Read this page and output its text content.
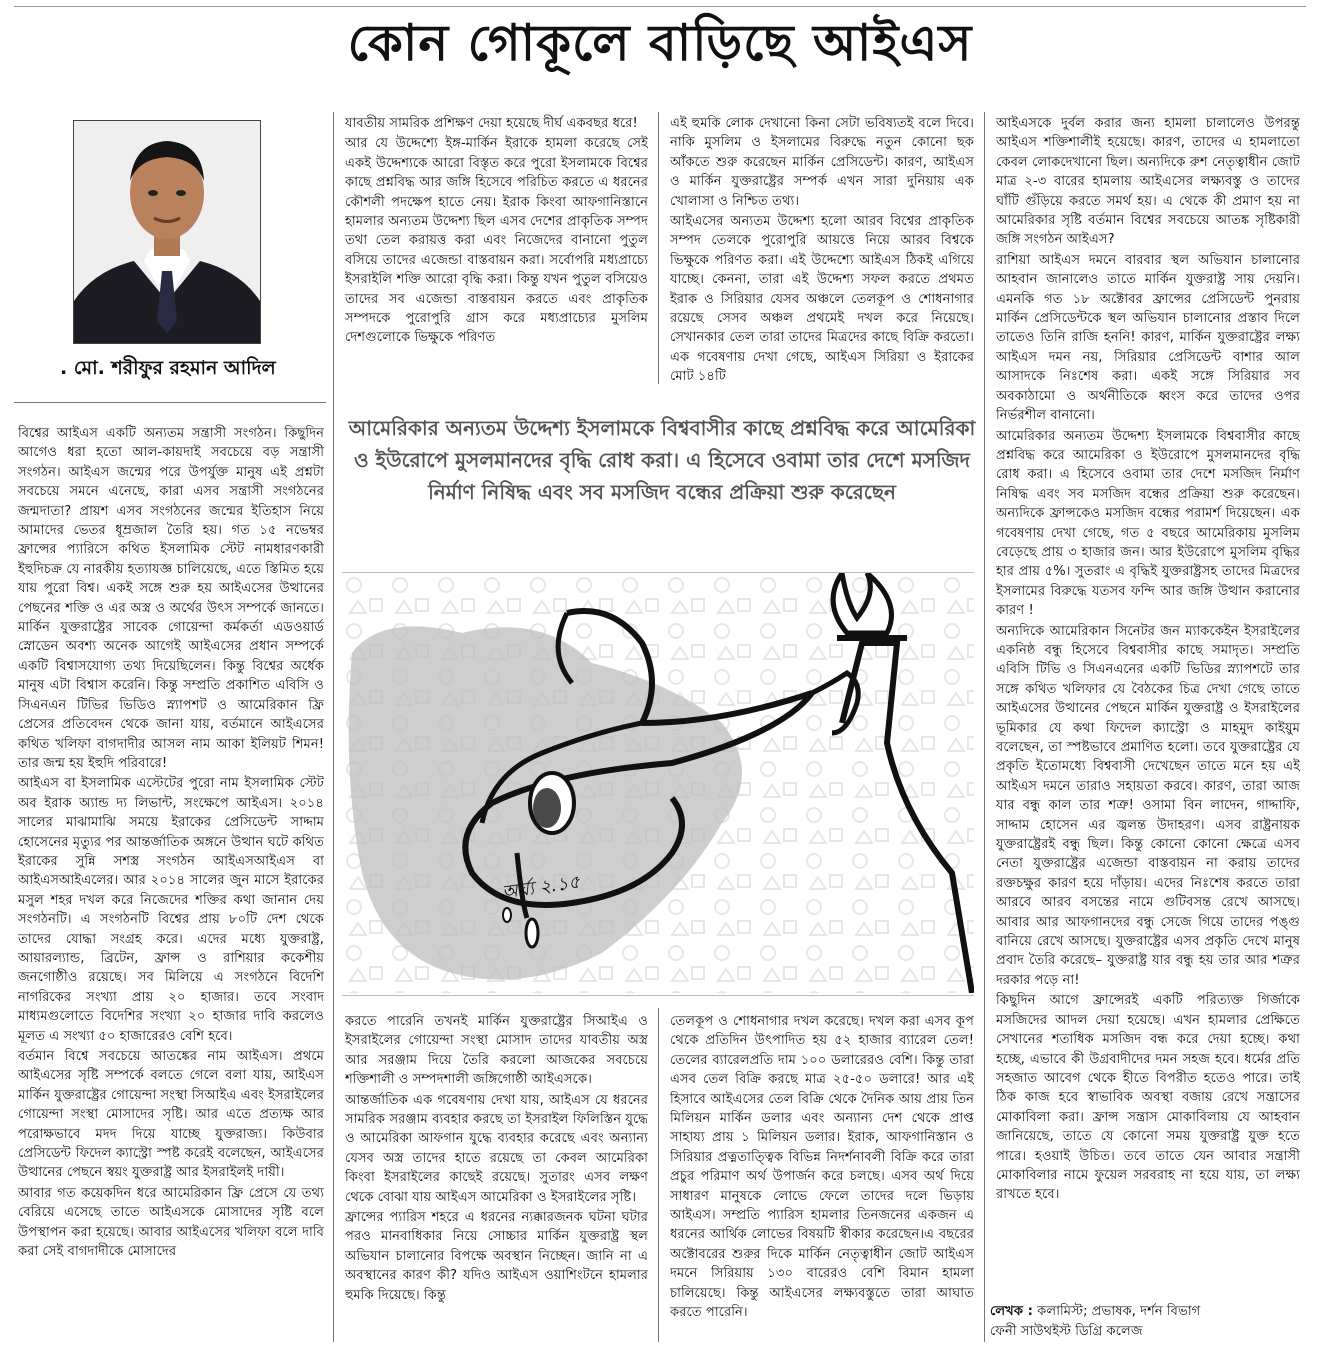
কোন গোকূলে বাড়িছে আইএস
. মো. শরীফুর রহমান আদিল

বিশ্বের আইএস একটি অন্যতম সন্ত্রাসী সংগঠন। কিছুদিন আগেও ধরা হতো আল-কায়দাই সবচেয়ে বড় সন্ত্রাসী সংগঠন। আইএস জন্মের পরে উপর্যুক্ত মানুষ এই প্রশ্নটা সবচেয়ে সমনে এনেছে, কারা এসব সন্ত্রাসী সংগঠনের জন্মদাতা? প্রায়শ এসব সংগঠনের জন্মের ইতিহাস নিয়ে আমাদের ভেতর ধূম্রজাল তৈরি হয়। গত ১৫ নভেম্বর ফ্রান্সের প্যারিসে কথিত ইসলামিক স্টেট নামধারণকারী ইহুদিচক্র যে নারকীয় হত্যাযজ্ঞ চালিয়েছে, এতে স্তিমিত হয়ে যায় পুরো বিশ্ব। একই সঙ্গে শুরু হয় আইএসের উত্থানের পেছনের শক্তি ও এর অস্ত্র ও অর্থের উৎস সম্পর্কে জানতে। মার্কিন যুক্তরাষ্ট্রের সাবেক গোয়েন্দা কর্মকর্তা এডওয়ার্ড স্নোডেন অবশ্য অনেক আগেই আইএসের প্রধান সম্পর্কে একটি বিশ্বাসযোগ্য তথ্য দিয়েছিলেন। কিন্তু বিশ্বের অর্ধেক মানুষ এটা বিশ্বাস করেনি। কিন্তু সম্প্রতি প্রকাশিত এবিসি ও সিএনএন টিভির ভিডিও স্ন্যাপশট ও আমেরিকান ফ্রি প্রেসের প্রতিবেদন থেকে জানা যায়, বর্তমানে আইএসের কথিত খলিফা বাগদাদীর আসল নাম আকা ইলিয়ট শিমন! তার জন্ম হয় ইহুদি পরিবারে!

আইএস বা ইসলামিক এস্টেটের পুরো নাম ইসলামিক স্টেট অব ইরাক অ্যান্ড দ্য লিভান্ট, সংক্ষেপে আইএস। ২০১৪ সালের মাঝামাঝি সময়ে ইরাকের প্রেসিডেন্ট সাদ্দাম হোসেনের মৃত্যুর পর আন্তর্জাতিক অঙ্গনে উত্থান ঘটে কথিত ইরাকের সুন্নি সশস্ত্র সংগঠন আইএসআইএস বা আইএসআইএলের। আর ২০১৪ সালের জুন মাসে ইরাকের মসুল শহর দখল করে নিজেদের শক্তির কথা জানান দেয় সংগঠনটি। এ সংগঠনটি বিশ্বের প্রায় ৮০টি দেশ থেকে তাদের যোদ্ধা সংগ্রহ করে। এদের মধ্যে যুক্তরাষ্ট্র, আয়ারল্যান্ড, ব্রিটেন, ফ্রান্স ও রাশিয়ার ককেশীয় জনগোষ্ঠীও রয়েছে। সব মিলিয়ে এ সংগঠনে বিদেশি নাগরিকের সংখ্যা প্রায় ২০ হাজার। তবে সংবাদ মাধ্যমগুলোতে বিদেশির সংখ্যা ২০ হাজার দাবি করলেও মূলত এ সংখ্যা ৫০ হাজারেরও বেশি হবে।

বর্তমান বিশ্বে সবচেয়ে আতঙ্কের নাম আইএস। প্রথমে আইএসের সৃষ্টি সম্পর্কে বলতে গেলে বলা যায়, আইএস মার্কিন যুক্তরাষ্ট্রের গোয়েন্দা সংস্থা সিআইএ এবং ইসরাইলের গোয়েন্দা সংস্থা মোসাদের সৃষ্টি। আর এতে প্রত্যক্ষ আর পরোক্ষভাবে মদদ দিয়ে যাচ্ছে যুক্তরাজ্য। কিউবার প্রেসিডেন্ট ফিদেল ক্যাস্ট্রো স্পষ্ট করেই বলেছেন, আইএসের উত্থানের পেছনে স্বয়ং যুক্তরাষ্ট্র আর ইসরাইলই দায়ী।

আবার গত কয়েকদিন ধরে আমেরিকান ফ্রি প্রেসে যে তথ্য বেরিয়ে এসেছে তাতে আইএসকে মোসাদের সৃষ্টি বলে উপস্থাপন করা হয়েছে। আবার আইএসের খলিফা বলে দাবি করা সেই বাগদাদীকে মোসাদের

যাবতীয় সামরিক প্রশিক্ষণ দেয়া হয়েছে দীর্ঘ একবছর ধরে!

আর যে উদ্দেশ্যে ইঙ্গ-মার্কিন ইরাকে হামলা করেছে সেই একই উদ্দেশ্যকে আরো বিস্তৃত করে পুরো ইসলামকে বিশ্বের কাছে প্রশ্নবিদ্ধ আর জঙ্গি হিসেবে পরিচিত করতে এ ধরনের কৌশলী পদক্ষেপ হাতে নেয়। ইরাক কিংবা আফগানিস্তানে হামলার অন্যতম উদ্দেশ্য ছিল এসব দেশের প্রাকৃতিক সম্পদ তথা তেল করায়ত্ত করা এবং নিজেদের বানানো পুতুল বসিয়ে তাদের এজেন্ডা বাস্তবায়ন করা। সর্বোপরি মধ্যপ্রাচ্যে ইসরাইলি শক্তি আরো বৃদ্ধি করা। কিন্তু যখন পুতুল বসিয়েও তাদের সব এজেন্ডা বাস্তবায়ন করতে এবং প্রাকৃতিক সম্পদকে পুরোপুরি গ্রাস করে মধ্যপ্রাচ্যের মুসলিম দেশগুলোকে ভিক্ষুকে পরিণত

এই হুমকি লোক দেখানো কিনা সেটা ভবিষ্যতই বলে দিবে। নাকি মুসলিম ও ইসলামের বিরুদ্ধে নতুন কোনো ছক আঁকতে শুরু করেছেন মার্কিন প্রেসিডেন্ট। কারণ, আইএস ও মার্কিন যুক্তরাষ্ট্রের সম্পর্ক এখন সারা দুনিয়ায় এক খোলাসা ও নিশ্চিত তথ্য।

আইএসের অন্যতম উদ্দেশ্য হলো আরব বিশ্বের প্রাকৃতিক সম্পদ তেলকে পুরোপুরি আয়ত্তে নিয়ে আরব বিশ্বকে ভিক্ষুকে পরিণত করা। এই উদ্দেশ্যে আইএস ঠিকই এগিয়ে যাচ্ছে। কেননা, তারা এই উদ্দেশ্য সফল করতে প্রথমত ইরাক ও সিরিয়ার যেসব অঞ্চলে তেলকূপ ও শোধনাগার রয়েছে সেসব অঞ্চল প্রথমেই দখল করে নিয়েছে। সেখানকার তেল তারা তাদের মিত্রদের কাছে বিক্রি করতো। এক গবেষণায় দেখা গেছে, আইএস সিরিয়া ও ইরাকের মোট ১৪টি

আমেরিকার অন্যতম উদ্দেশ্য ইসলামকে বিশ্ববাসীর কাছে প্রশ্নবিদ্ধ করে আমেরিকা ও ইউরোপে মুসলমানদের বৃদ্ধি রোধ করা। এ হিসেবে ওবামা তার দেশে মসজিদ নির্মাণ নিষিদ্ধ এবং সব মসজিদ বন্ধের প্রক্রিয়া শুরু করেছেন
অর্ঘ্য ২.১৫

করতে পারেনি তখনই মার্কিন যুক্তরাষ্ট্রের সিআইএ ও ইসরাইলের গোয়েন্দা সংস্থা মোসাদ তাদের যাবতীয় অস্ত্র আর সরঞ্জাম দিয়ে তৈরি করলো আজকের সবচেয়ে শক্তিশালী ও সম্পদশালী জঙ্গিগোষ্ঠী আইএসকে।

আন্তর্জাতিক এক গবেষণায় দেখা যায়, আইএস যে ধরনের সামরিক সরঞ্জাম ব্যবহার করছে তা ইসরাইল ফিলিস্তিন যুদ্ধে ও আমেরিকা আফগান যুদ্ধে ব্যবহার করেছে এবং অন্যান্য যেসব অস্ত্র তাদের হাতে রয়েছে তা কেবল আমেরিকা কিংবা ইসরাইলের কাছেই রয়েছে। সুতারং এসব লক্ষণ থেকে বোঝা যায় আইএস আমেরিকা ও ইসরাইলের সৃষ্টি।

ফ্রান্সের প্যারিস শহরে এ ধরনের ন্যক্কারজনক ঘটনা ঘটার পরও মানবাধিকার নিয়ে সোচ্চার মার্কিন যুক্তরাষ্ট্র স্থল অভিযান চালানোর বিপক্ষে অবস্থান নিচ্ছেন। জানি না এ অবস্থানের কারণ কী? যদিও আইএস ওয়াশিংটনে হামলার হুমকি দিয়েছে। কিন্তু

তেলকূপ ও শোধনাগার দখল করেছে। দখল করা এসব কূপ থেকে প্রতিদিন উৎপাদিত হয় ৫২ হাজার ব্যারেল তেল! তেলের ব্যারেলপ্রতি দাম ১০০ ডলারেরও বেশি। কিন্তু তারা এসব তেল বিক্রি করছে মাত্র ২৫-৫০ ডলারে! আর এই হিসাবে আইএসের তেল বিক্রি থেকে দৈনিক আয় প্রায় তিন মিলিয়ন মার্কিন ডলার এবং অন্যান্য দেশ থেকে প্রাপ্ত সাহায্য প্রায় ১ মিলিয়ন ডলার। ইরাক, আফগানিস্তান ও সিরিয়ার প্রত্নতাত্ত্বিক বিভিন্ন নিদর্শনাবলী বিক্রি করে তারা প্রচুর পরিমাণ অর্থ উপার্জন করে চলছে। এসব অর্থ দিয়ে সাধারণ মানুষকে লোভে ফেলে তাদের দলে ভিড়ায় আইএস। সম্প্রতি প্যারিস হামলার তিনজনের একজন এ ধরনের আর্থিক লোভের বিষয়টি স্বীকার করেছেন।এ বছরের অক্টোবরের শুরুর দিকে মার্কিন নেতৃত্বাধীন জোট আইএস দমনে সিরিয়ায় ১৩০ বারেরও বেশি বিমান হামলা চালিয়েছে। কিন্তু আইএসের লক্ষ্যবস্তুতে তারা আঘাত করতে পারেনি।

আইএসকে দুর্বল করার জন্য হামলা চালালেও উপরন্তু আইএস শক্তিশালীই হয়েছে। কারণ, তাদের এ হামলাতো কেবল লোকদেখানো ছিল। অন্যদিকে রুশ নেতৃত্বাধীন জোট মাত্র ২-৩ বারের হামলায় আইএসের লক্ষ্যবস্তু ও তাদের ঘাঁটি গুঁড়িয়ে করতে সমর্থ হয়। এ থেকে কী প্রমাণ হয় না আমেরিকার সৃষ্টি বর্তমান বিশ্বের সবচেয়ে আতঙ্ক সৃষ্টিকারী জঙ্গি সংগঠন আইএস?

রাশিয়া আইএস দমনে বারবার স্থল অভিযান চালানোর আহবান জানালেও তাতে মার্কিন যুক্তরাষ্ট্র সায় দেয়নি। এমনকি গত ১৮ অক্টোবর ফ্রান্সের প্রেসিডেন্ট পুনরায় মার্কিন প্রেসিডেন্টকে স্থল অভিযান চালানোর প্রস্তাব দিলে তাতেও তিনি রাজি হননি! কারণ, মার্কিন যুক্তরাষ্ট্রের লক্ষ্য আইএস দমন নয়, সিরিয়ার প্রেসিডেন্ট বাশার আল আসাদকে নিঃশেষ করা। একই সঙ্গে সিরিয়ার সব অবকাঠামো ও অর্থনীতিকে ধ্বংস করে তাদের ওপর নির্ভরশীল বানানো।

আমেরিকার অন্যতম উদ্দেশ্য ইসলামকে বিশ্ববাসীর কাছে প্রশ্নবিদ্ধ করে আমেরিকা ও ইউরোপে মুসলমানদের বৃদ্ধি রোধ করা। এ হিসেবে ওবামা তার দেশে মসজিদ নির্মাণ নিষিদ্ধ এবং সব মসজিদ বন্ধের প্রক্রিয়া শুরু করেছেন। অন্যদিকে ফ্রান্সকেও মসজিদ বন্ধের পরামর্শ দিয়েছেন। এক গবেষণায় দেখা গেছে, গত ৫ বছরে আমেরিকায় মুসলিম বেড়েছে প্রায় ৩ হাজার জন। আর ইউরোপে মুসলিম বৃদ্ধির হার প্রায় ৫%। সুতরাং এ বৃদ্ধিই যুক্তরাষ্ট্রসহ তাদের মিত্রদের ইসলামের বিরুদ্ধে যতসব ফন্দি আর জঙ্গি উত্থান করানোর কারণ !

অন্যদিকে আমেরিকান সিনেটর জন ম্যাককেইন ইসরাইলের একনিষ্ঠ বন্ধু হিসেবে বিশ্ববাসীর কাছে সমাদৃত। সম্প্রতি এবিসি টিভি ও সিএনএনের একটি ভিডির স্ন্যাপশটে তার সঙ্গে কথিত খলিফার যে বৈঠকের চিত্র দেখা গেছে তাতে আইএসের উত্থানের পেছনে মার্কিন যুক্তরাষ্ট্র ও ইসরাইলের ভূমিকার যে কথা ফিদেল ক্যাস্ট্রো ও মাহমুদ কাইয়ুম বলেছেন, তা স্পষ্টভাবে প্রমাণিত হলো। তবে যুক্তরাষ্ট্রের যে প্রকৃতি ইতোমধ্যে বিশ্ববাসী দেখেছেন তাতে মনে হয় এই আইএস দমনে তারাও সহায়তা করবে। কারণ, তারা আজ যার বন্ধু কাল তার শত্রু! ওসামা বিন লাদেন, গাদ্দাফি, সাদ্দাম হোসেন এর জ্বলন্ত উদাহরণ। এসব রাষ্ট্রনায়ক যুক্তরাষ্ট্রেরই বন্ধু ছিল। কিন্তু কোনো কোনো ক্ষেত্রে এসব নেতা যুক্তরাষ্ট্রের এজেন্ডা বাস্তবায়ন না করায় তাদের রক্তচক্ষুর কারণ হয়ে দাঁড়ায়। এদের নিঃশেষ করতে তারা আরবে আরব বসন্তের নামে গুটিবসন্ত রেখে আসছে। আবার আর আফগানদের বন্ধু সেজে গিয়ে তাদের পঙ্গু বানিয়ে রেখে আসছে। যুক্তরাষ্ট্রের এসব প্রকৃতি দেখে মানুষ প্রবাদ তৈরি করেছে– যুক্তরাষ্ট্র যার বন্ধু হয় তার আর শত্রুর দরকার পড়ে না!

কিছুদিন আগে ফ্রান্সেরই একটি পরিত্যক্ত গির্জাকে মসজিদের আদল দেয়া হয়েছে। এখন হামলার প্রেক্ষিতে সেখানের শতাধিক মসজিদ বন্ধ করে দেয়া হচ্ছে। কথা হচ্ছে, এভাবে কী উগ্রবাদীদের দমন সহজ হবে। ধর্মের প্রতি সহজাত আবেগ থেকে হীতে বিপরীত হতেও পারে। তাই ঠিক কাজ হবে স্বাভাবিক অবস্থা বজায় রেখে সন্ত্রাসের মোকাবিলা করা। ফ্রান্স সন্ত্রাস মোকাবিলায় যে আহবান জানিয়েছে, তাতে যে কোনো সময় যুক্তরাষ্ট্র যুক্ত হতে পারে। হওয়াই উচিত। তবে তাতে যেন আবার সন্ত্রাসী মোকাবিলার নামে ফুয়েল সরবরাহ না হয়ে যায়, তা লক্ষ্য রাখতে হবে।

লেখক : কলামিস্ট; প্রভাষক, দর্শন বিভাগ
ফেনী সাউথইস্ট ডিগ্রি কলেজ
